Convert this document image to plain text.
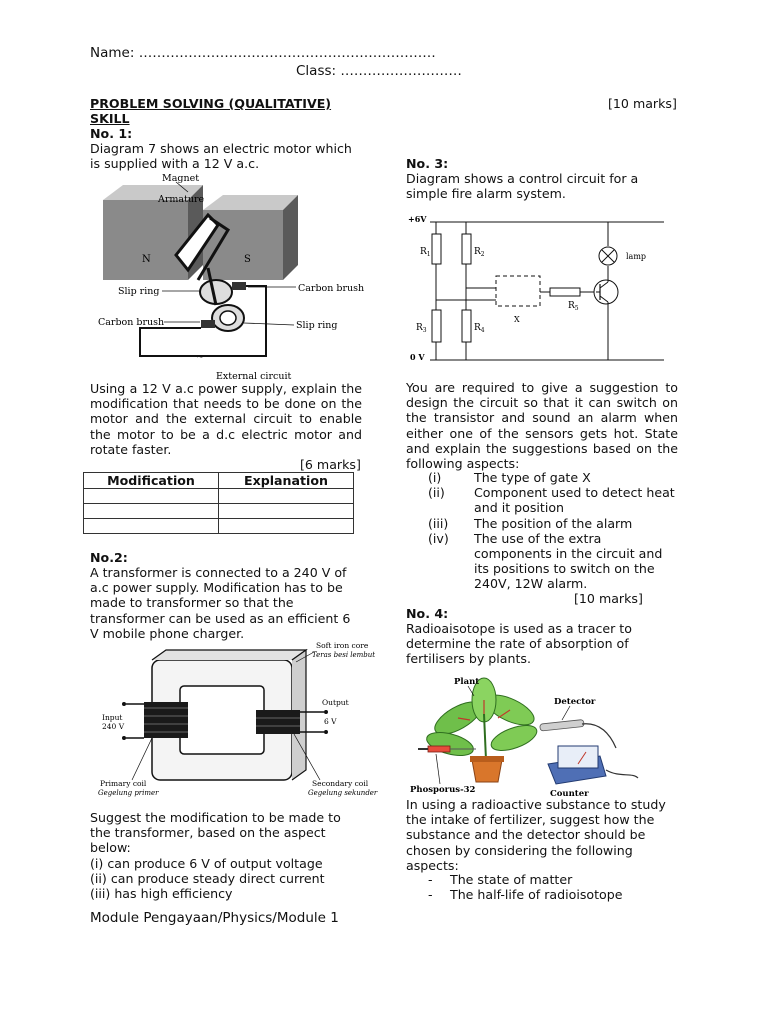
Name: …………………………………………………………
Class: ………………………
PROBLEM SOLVING (QUALITATIVE)
SKILL
[10 marks]
No. 1:
Diagram 7 shows an electric motor which is supplied with a 12 V a.c.
~
Magnet
Armature
N	S
Slip ring	Carbon brush
Carbon brush	Slip ring
External circuit
Using a 12 V a.c power supply, explain the modification that needs to be done on the motor and the external circuit to enable the motor to be a d.c electric motor and rotate faster.
[6 marks]
Modification	Explanation

No.2:
A transformer is connected to a 240 V of a.c power supply. Modification has to be made to transformer so that the transformer can be used as an efficient 6 V mobile phone charger.
Soft iron core
Teras besi lembut
Input
240 V
Output
6 V
Primary coil
Gegelung primer
Secondary coil
Gegelung sekunder
Suggest the modification to be made to the transformer, based on the aspect below:
(i) can produce 6 V of output voltage
(ii) can produce steady direct current
(iii) has high efficiency
Module Pengayaan/Physics/Module 1
No. 3:
Diagram shows a control circuit for a simple fire alarm system.
+6V
0 V
X
lamp
$R_1$	$R_2$
$R_3$	$R_4$
$R_5$
You are required to give a suggestion to design the circuit so that it can switch on the transistor and sound an alarm when either one of the sensors gets hot. State and explain the suggestions based on the following aspects:
(i)	The type of gate X
(ii)	Component used to detect heat and it position
(iii)	The position of the alarm
(iv)	The use of the extra components in the circuit and its positions to switch on the 240V, 12W alarm.
[10 marks]
No. 4:
Radioaisotope is used as a tracer to determine the rate of absorption of fertilisers by plants.
Plant
Detector
Phosporus-32	Counter
In using a radioactive substance to study the intake of fertilizer, suggest how the substance and the detector should be chosen by considering the following aspects:
-	The state of matter
-	The half-life of radioisotope
